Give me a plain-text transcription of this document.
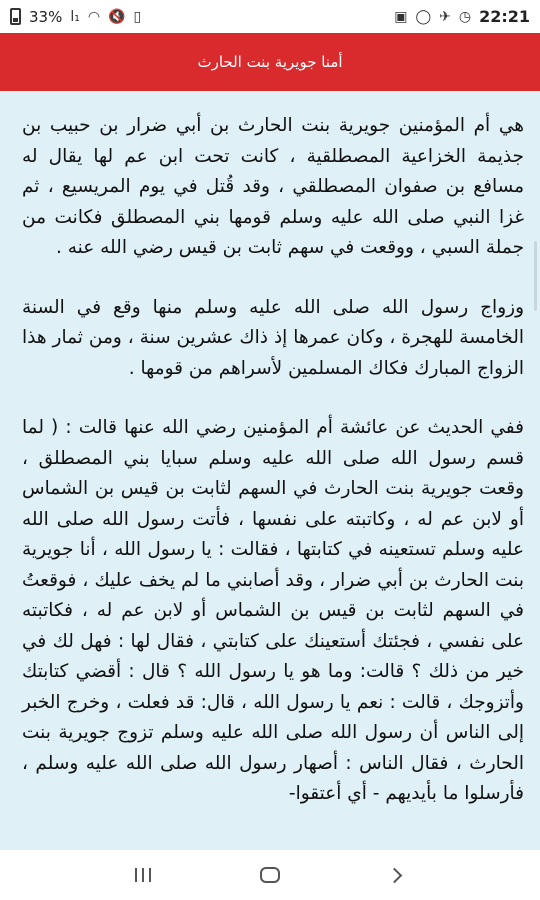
33% l₁ ◠ 🔇 ▯	▣ ◯ ✈ ◷ 22:21
أمنا جويرية بنت الحارث

هي أم المؤمنين جويرية بنت الحارث بن أبي ضرار بن حبيب بن جذيمة الخزاعية المصطلقية ، كانت تحت ابن عم لها يقال له مسافع بن صفوان المصطلقي ، وقد قُتل في يوم المريسيع ، ثم غزا النبي صلى الله عليه وسلم قومها بني المصطلق فكانت من جملة السبي ، ووقعت في سهم ثابت بن قيس رضي الله عنه .

وزواج رسول الله صلى الله عليه وسلم منها وقع في السنة الخامسة للهجرة ، وكان عمرها إذ ذاك عشرين سنة ، ومن ثمار هذا الزواج المبارك فكاك المسلمين لأسراهم من قومها .

ففي الحديث عن عائشة أم المؤمنين رضي الله عنها قالت : ( لما قسم رسول الله صلى الله عليه وسلم سبايا بني المصطلق ، وقعت جويرية بنت الحارث في السهم لثابت بن قيس بن الشماس أو لابن عم له ، وكاتبته على نفسها ، فأتت رسول الله صلى الله عليه وسلم تستعينه في كتابتها ، فقالت : يا رسول الله ، أنا جويرية بنت الحارث بن أبي ضرار ، وقد أصابني ما لم يخف عليك ، فوقعتُ في السهم لثابت بن قيس بن الشماس أو لابن عم له ، فكاتبته على نفسي ، فجئتك أستعينك على كتابتي ، فقال لها : فهل لك في خير من ذلك ؟ قالت: وما هو يا رسول الله ؟ قال : أقضي كتابتك وأتزوجك ، قالت : نعم يا رسول الله ، قال: قد فعلت ، وخرج الخبر إلى الناس أن رسول الله صلى الله عليه وسلم تزوج جويرية بنت الحارث ، فقال الناس : أصهار رسول الله صلى الله عليه وسلم ، فأرسلوا ما بأيديهم - أي أعتقوا-
